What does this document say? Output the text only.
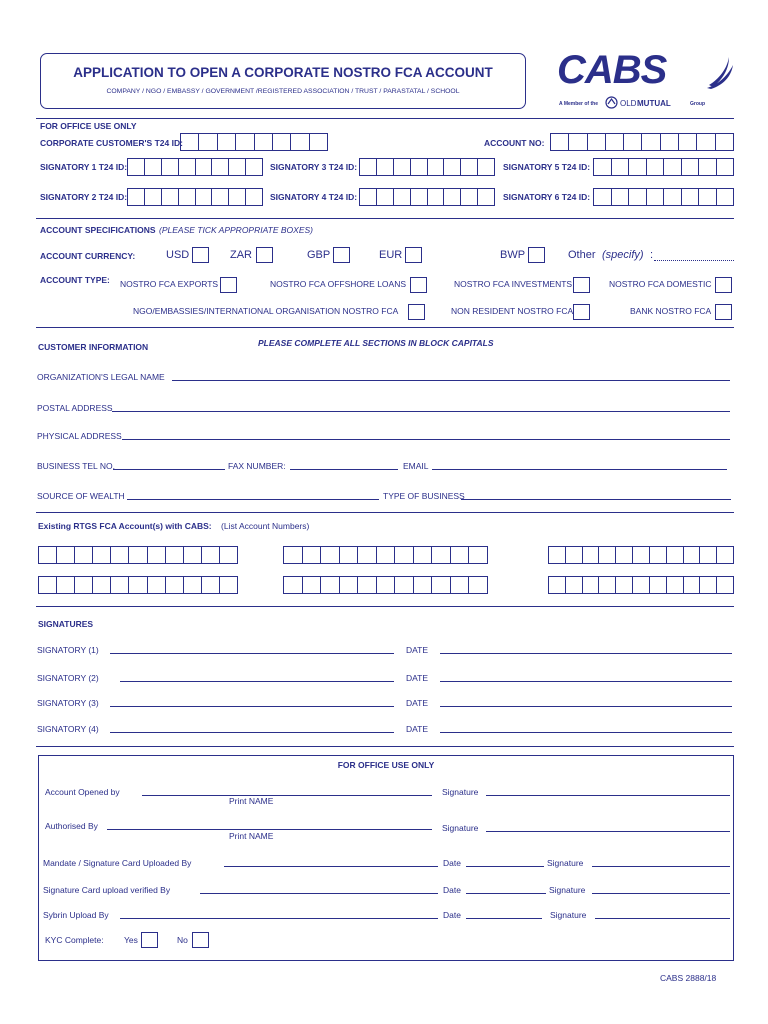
APPLICATION TO OPEN A CORPORATE NOSTRO FCA ACCOUNT
COMPANY / NGO / EMBASSY / GOVERNMENT /REGISTERED ASSOCIATION / TRUST / PARASTATAL / SCHOOL	CABS
A Member of the	OLD MUTUAL	Group
FOR OFFICE USE ONLY
CORPORATE CUSTOMER'S T24 ID:	ACCOUNT NO:
SIGNATORY 1 T24 ID:	SIGNATORY 3 T24 ID:	SIGNATORY 5 T24 ID:
SIGNATORY 2 T24 ID:	SIGNATORY 4 T24 ID:	SIGNATORY 6 T24 ID:
ACCOUNT SPECIFICATIONS (PLEASE TICK APPROPRIATE BOXES)
ACCOUNT CURRENCY:	USD	ZAR	GBP	EUR	BWP	Other (specify) :
ACCOUNT TYPE: NOSTRO FCA EXPORTS	NOSTRO FCA OFFSHORE LOANS	NOSTRO FCA INVESTMENTS	NOSTRO FCA DOMESTIC
NGO/EMBASSIES/INTERNATIONAL ORGANISATION NOSTRO FCA	NON RESIDENT NOSTRO FCA	BANK NOSTRO FCA
CUSTOMER INFORMATION	PLEASE COMPLETE ALL SECTIONS IN BLOCK CAPITALS
ORGANIZATION'S LEGAL NAME
POSTAL ADDRESS
PHYSICAL ADDRESS
BUSINESS TEL NO.	FAX NUMBER:	EMAIL
SOURCE OF WEALTH	TYPE OF BUSINESS
Existing RTGS FCA Account(s) with CABS: (List Account Numbers)
SIGNATURES
SIGNATORY (1)	DATE
SIGNATORY (2)	DATE
SIGNATORY (3)	DATE
SIGNATORY (4)	DATE
FOR OFFICE USE ONLY
Account Opened by
Print NAME
Signature
Authorised By
Print NAME
Signature
Mandate / Signature Card Uploaded By	Date	Signature
Signature Card upload verified By	Date	Signature
Sybrin Upload By	Date	Signature
KYC Complete: Yes	No
CABS 2888/18
